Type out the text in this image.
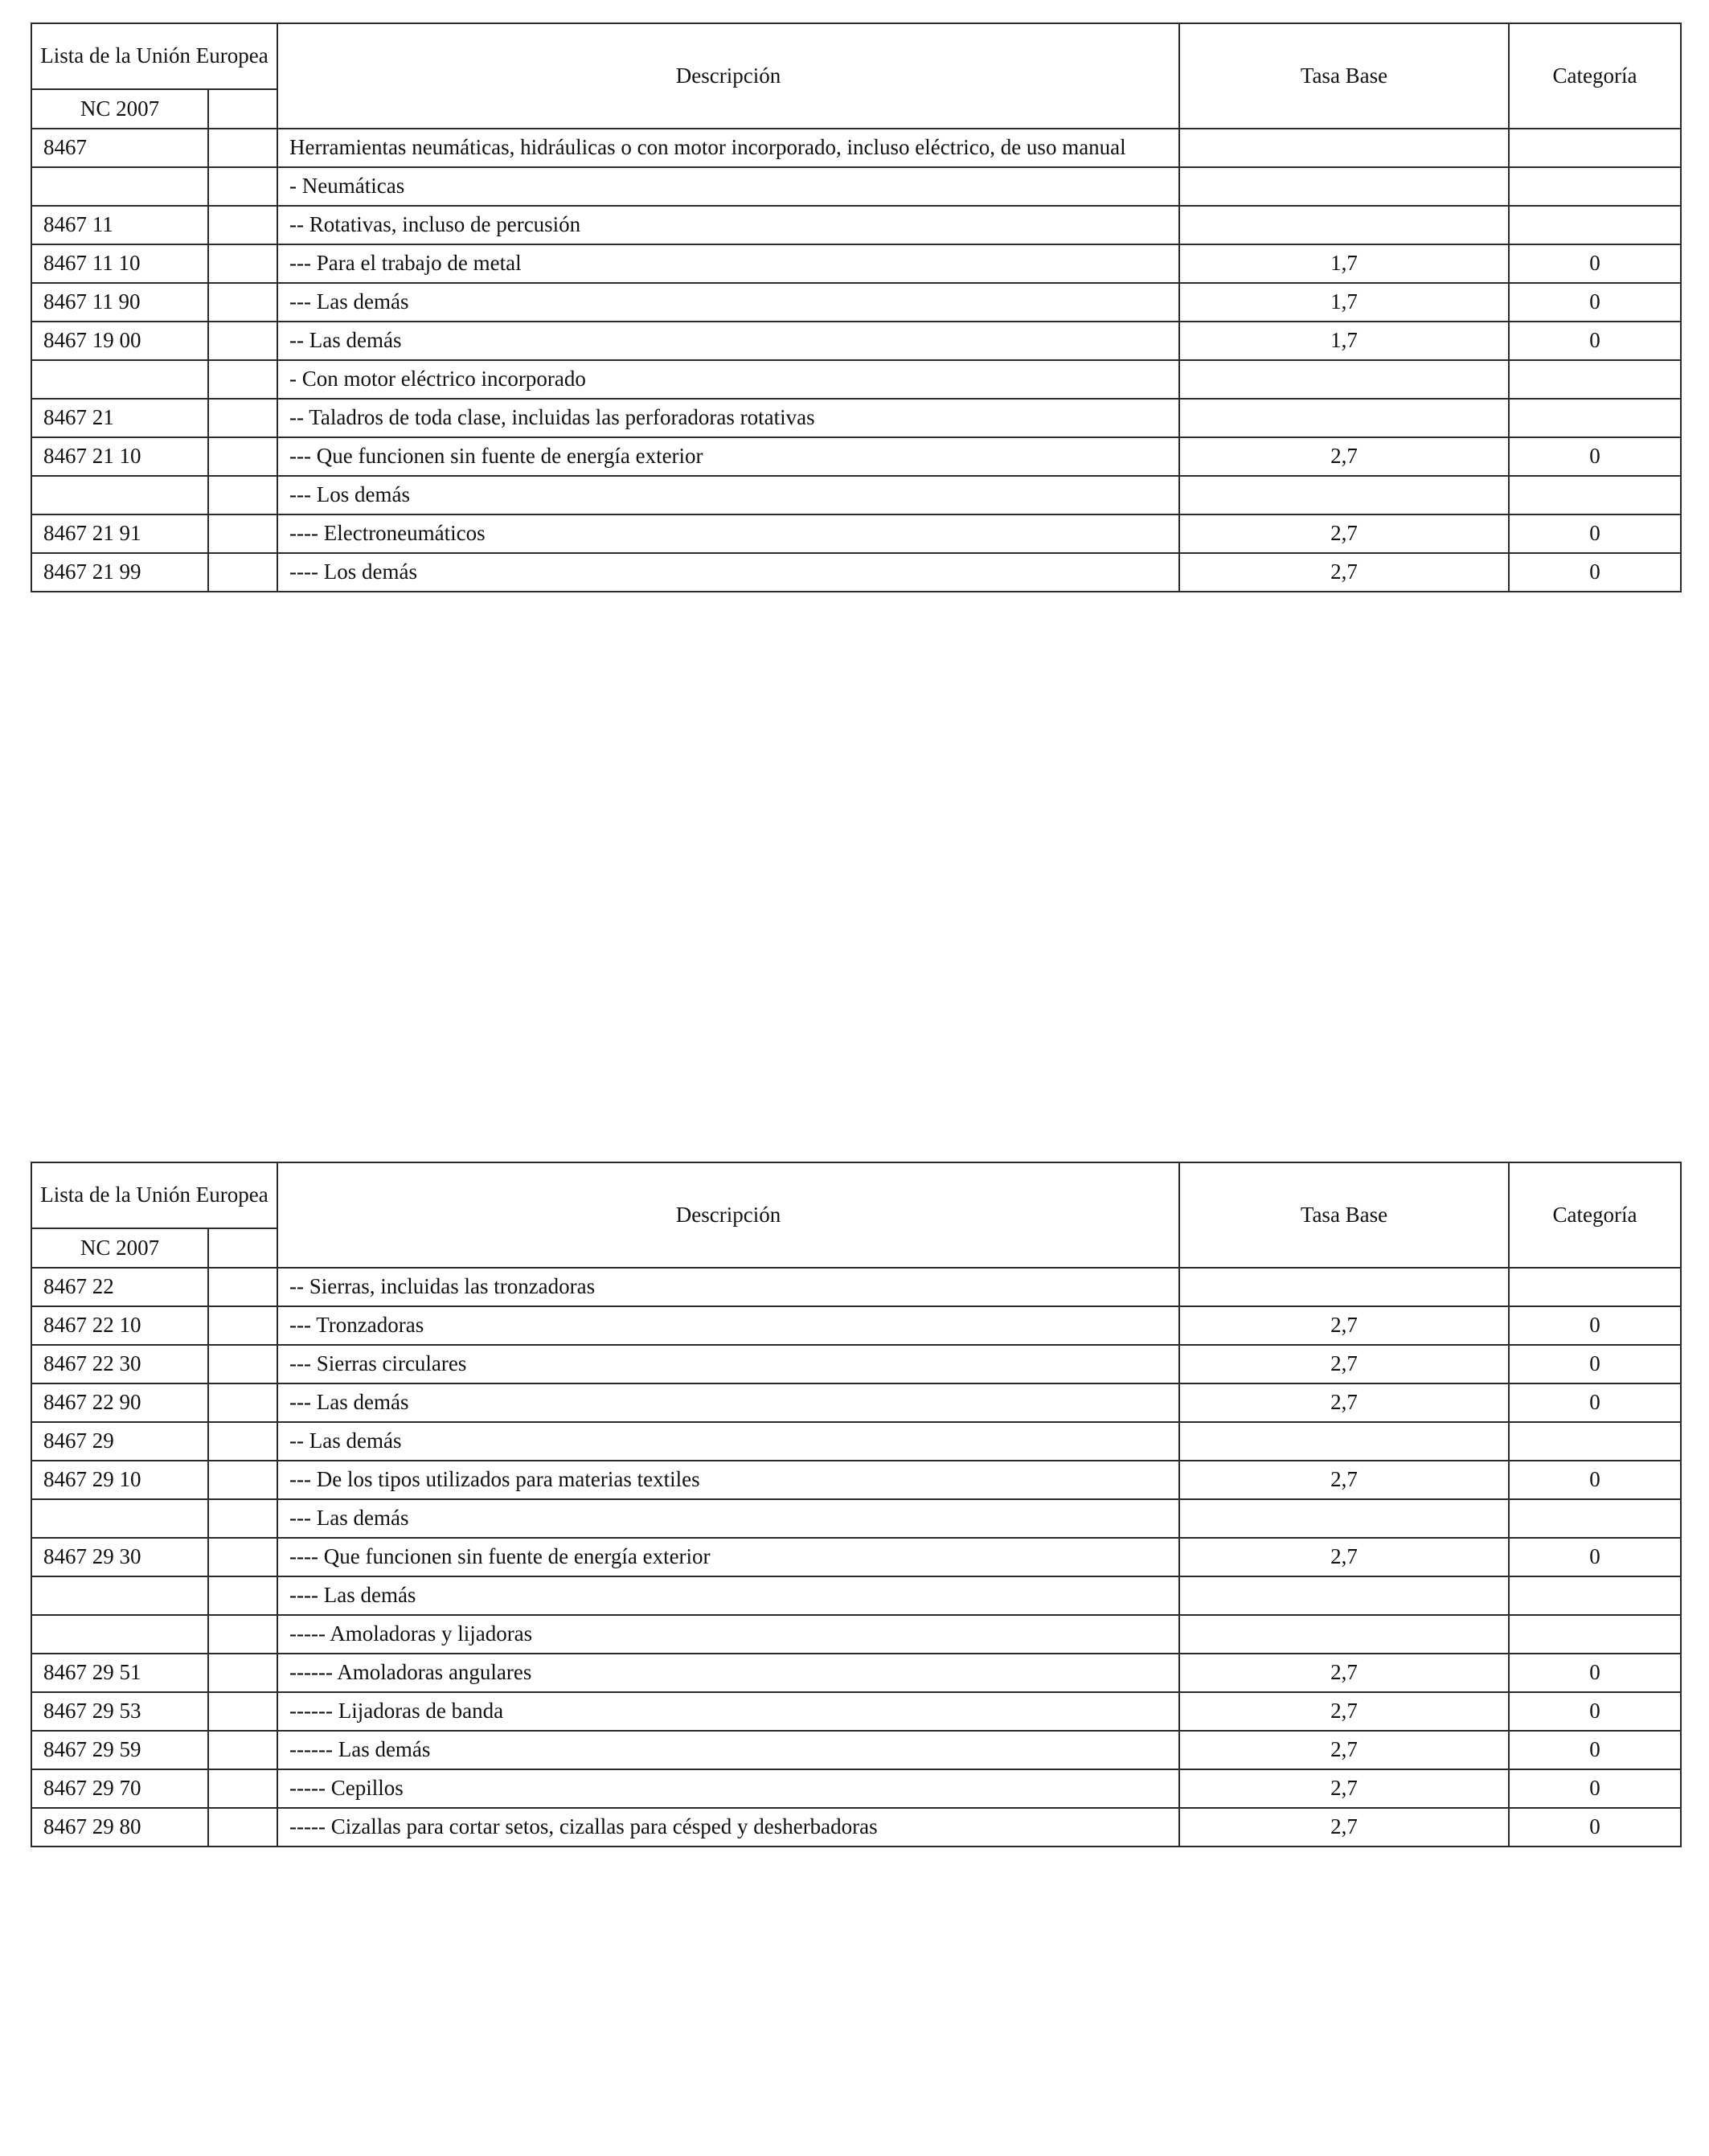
Lista de la Unión Europea		Descripción	Tasa Base	Categoría
NC 2007				
8467		Herramientas neumáticas, hidráulicas o con motor incorporado, incluso eléctrico, de uso manual		
		- Neumáticas		
8467 11		-- Rotativas, incluso de percusión		
8467 11 10		--- Para el trabajo de metal	1,7	0
8467 11 90		--- Las demás	1,7	0
8467 19 00		-- Las demás	1,7	0
		- Con motor eléctrico incorporado		
8467 21		-- Taladros de toda clase, incluidas las perforadoras rotativas		
8467 21 10		--- Que funcionen sin fuente de energía exterior	2,7	0
		--- Los demás		
8467 21 91		---- Electroneumáticos	2,7	0
8467 21 99		---- Los demás	2,7	0
Lista de la Unión Europea		Descripción	Tasa Base	Categoría
NC 2007				
8467 22		-- Sierras, incluidas las tronzadoras		
8467 22 10		--- Tronzadoras	2,7	0
8467 22 30		--- Sierras circulares	2,7	0
8467 22 90		--- Las demás	2,7	0
8467 29		-- Las demás		
8467 29 10		--- De los tipos utilizados para materias textiles	2,7	0
		--- Las demás		
8467 29 30		---- Que funcionen sin fuente de energía exterior	2,7	0
		---- Las demás		
		----- Amoladoras y lijadoras		
8467 29 51		------ Amoladoras angulares	2,7	0
8467 29 53		------ Lijadoras de banda	2,7	0
8467 29 59		------ Las demás	2,7	0
8467 29 70		----- Cepillos	2,7	0
8467 29 80		----- Cizallas para cortar setos, cizallas para césped y desherbadoras	2,7	0
